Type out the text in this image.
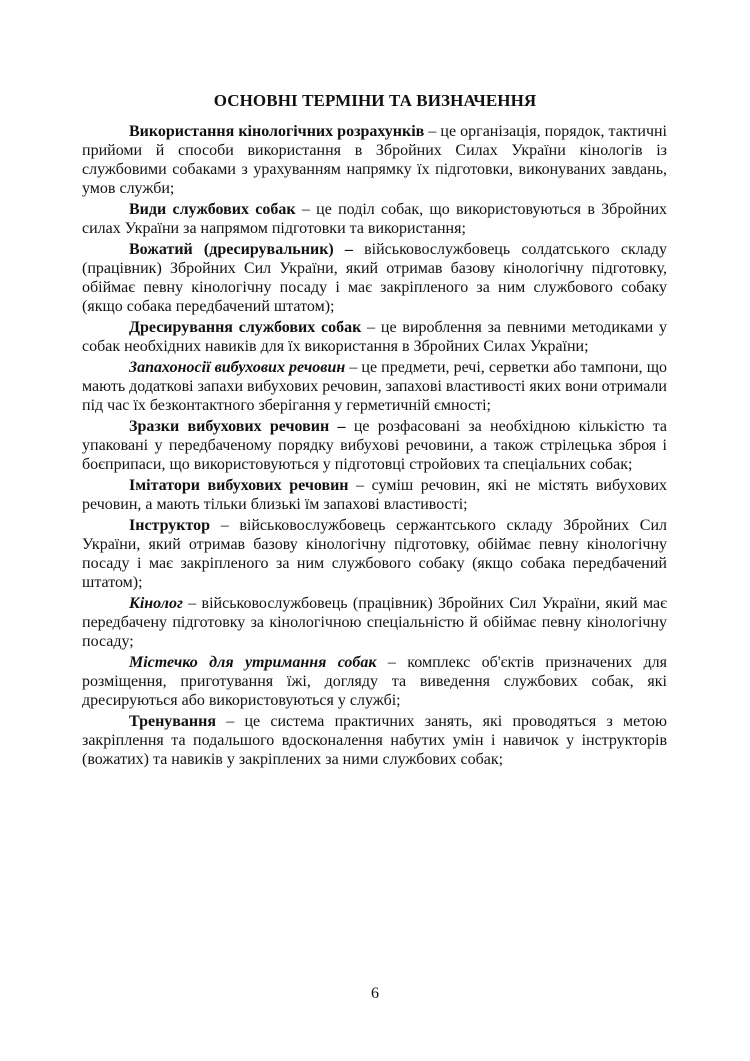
ОСНОВНІ ТЕРМІНИ ТА ВИЗНАЧЕННЯ

Використання кінологічних розрахунків – це організація, порядок, тактичні прийоми й способи використання в Збройних Силах України кінологів із службовими собаками з урахуванням напрямку їх підготовки, виконуваних завдань, умов служби;

Види службових собак – це поділ собак, що використовуються в Збройних силах України за напрямом підготовки та використання;

Вожатий (дресирувальник) – військовослужбовець солдатського складу (працівник) Збройних Сил України, який отримав базову кінологічну підготовку, обіймає певну кінологічну посаду і має закріпленого за ним службового собаку (якщо собака передбачений штатом);

Дресирування службових собак – це вироблення за певними методиками у собак необхідних навиків для їх використання в Збройних Силах України;

Запахоносії вибухових речовин – це предмети, речі, серветки або тампони, що мають додаткові запахи вибухових речовин, запахові властивості яких вони отримали під час їх безконтактного зберігання у герметичній ємності;

Зразки вибухових речовин – це розфасовані за необхідною кількістю та упаковані у передбаченому порядку вибухові речовини, а також стрілецька зброя і боєприпаси, що використовуються у підготовці стройових та спеціальних собак;

Імітатори вибухових речовин – суміш речовин, які не містять вибухових речовин, а мають тільки близькі їм запахові властивості;

Інструктор – військовослужбовець сержантського складу Збройних Сил України, який отримав базову кінологічну підготовку, обіймає певну кінологічну посаду і має закріпленого за ним службового собаку (якщо собака передбачений штатом);

Кінолог – військовослужбовець (працівник) Збройних Сил України, який має передбачену підготовку за кінологічною спеціальністю й обіймає певну кінологічну посаду;

Містечко для утримання собак – комплекс об'єктів призначених для розміщення, приготування їжі, догляду та виведення службових собак, які дресируються або використовуються у службі;

Тренування – це система практичних занять, які проводяться з метою закріплення та подальшого вдосконалення набутих умін і навичок у інструкторів (вожатих) та навиків у закріплених за ними службових собак;

6
